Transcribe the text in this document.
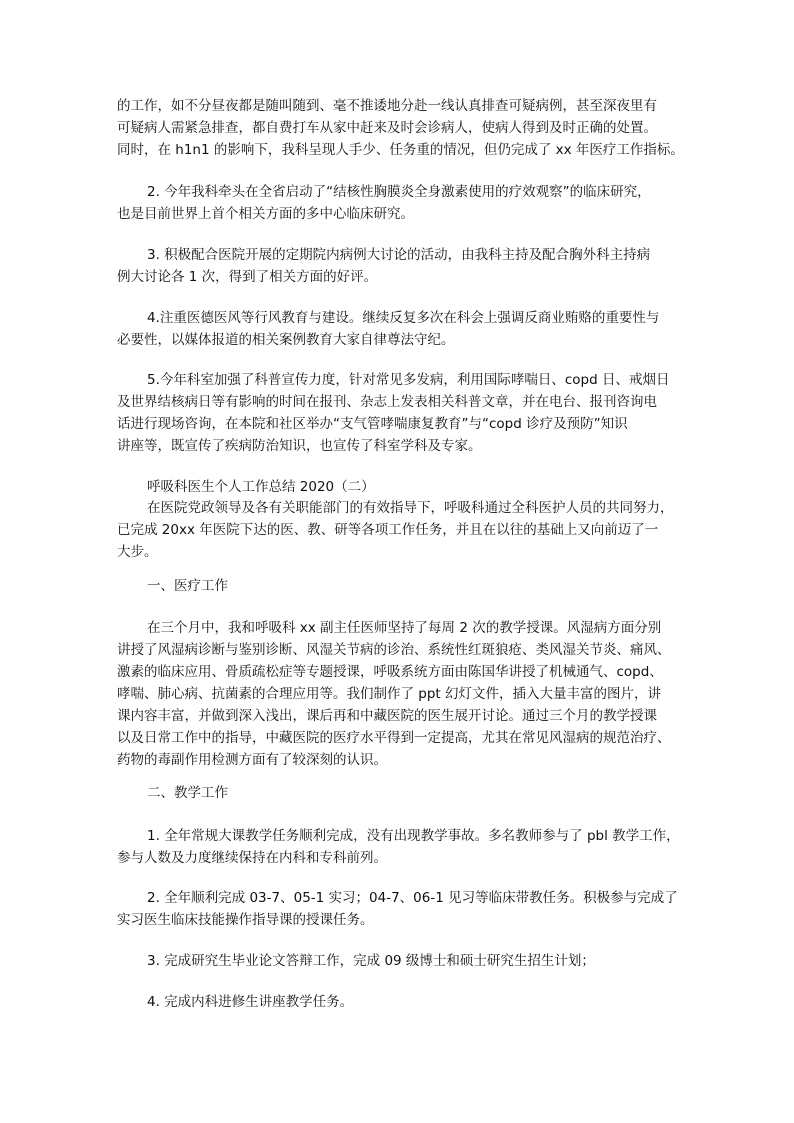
的工作，如不分昼夜都是随叫随到、毫不推诿地分赴一线认真排查可疑病例，甚至深夜里有
可疑病人需紧急排查，都自费打车从家中赶来及时会诊病人，使病人得到及时正确的处置。
同时，在 h1n1 的影响下，我科呈现人手少、任务重的情况，但仍完成了 xx 年医疗工作指标。
2. 今年我科牵头在全省启动了“结核性胸膜炎全身激素使用的疗效观察”的临床研究，
也是目前世界上首个相关方面的多中心临床研究。
3. 积极配合医院开展的定期院内病例大讨论的活动，由我科主持及配合胸外科主持病
例大讨论各 1 次，得到了相关方面的好评。
4.注重医德医风等行风教育与建设。继续反复多次在科会上强调反商业贿赂的重要性与
必要性，以媒体报道的相关案例教育大家自律尊法守纪。
5.今年科室加强了科普宣传力度，针对常见多发病，利用国际哮喘日、copd 日、戒烟日
及世界结核病日等有影响的时间在报刊、杂志上发表相关科普文章，并在电台、报刊咨询电
话进行现场咨询，在本院和社区举办“支气管哮喘康复教育”与“copd 诊疗及预防”知识
讲座等，既宣传了疾病防治知识，也宣传了科室学科及专家。
呼吸科医生个人工作总结 2020（二）
在医院党政领导及各有关职能部门的有效指导下，呼吸科通过全科医护人员的共同努力，
已完成 20xx 年医院下达的医、教、研等各项工作任务，并且在以往的基础上又向前迈了一
大步。
一、医疗工作
在三个月中，我和呼吸科 xx 副主任医师坚持了每周 2 次的教学授课。风湿病方面分别
讲授了风湿病诊断与鉴别诊断、风湿关节病的诊治、系统性红斑狼疮、类风湿关节炎、痛风、
激素的临床应用、骨质疏松症等专题授课，呼吸系统方面由陈国华讲授了机械通气、copd、
哮喘、肺心病、抗菌素的合理应用等。我们制作了 ppt 幻灯文件，插入大量丰富的图片，讲
课内容丰富，并做到深入浅出，课后再和中藏医院的医生展开讨论。通过三个月的教学授课
以及日常工作中的指导，中藏医院的医疗水平得到一定提高，尤其在常见风湿病的规范治疗、
药物的毒副作用检测方面有了较深刻的认识。
二、教学工作
1. 全年常规大课教学任务顺利完成，没有出现教学事故。多名教师参与了 pbl 教学工作，
参与人数及力度继续保持在内科和专科前列。
2. 全年顺利完成 03-7、05-1 实习；04-7、06-1 见习等临床带教任务。积极参与完成了
实习医生临床技能操作指导课的授课任务。
3. 完成研究生毕业论文答辩工作，完成 09 级博士和硕士研究生招生计划；
4. 完成内科进修生讲座教学任务。
